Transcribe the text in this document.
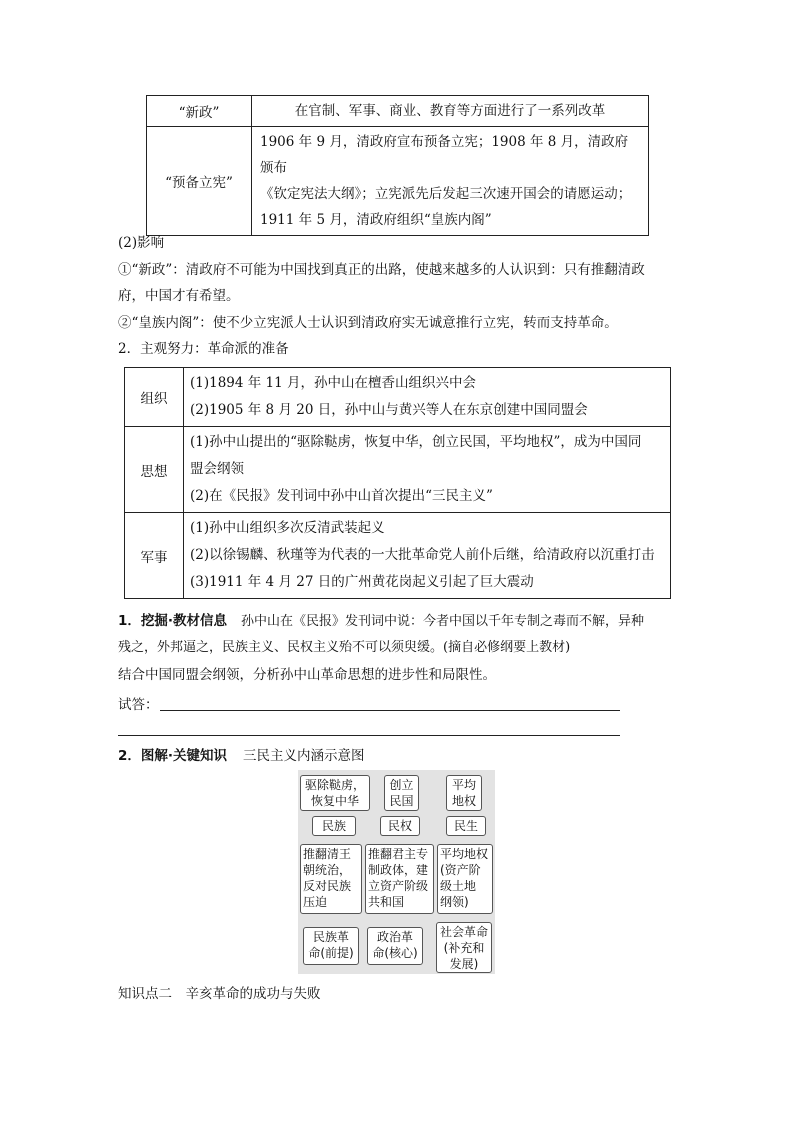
“新政”	在官制、军事、商业、教育等方面进行了一系列改革
“预备立宪”	1906 年 9 月，清政府宣布预备立宪；1908 年 8 月，清政府颁布
《钦定宪法大纲》；立宪派先后发起三次速开国会的请愿运动；
1911 年 5 月，清政府组织“皇族内阁”
(2)影响
①“新政”：清政府不可能为中国找到真正的出路，使越来越多的人认识到：只有推翻清政
府，中国才有希望。
②“皇族内阁”：使不少立宪派人士认识到清政府实无诚意推行立宪，转而支持革命。
2．主观努力：革命派的准备
组织	(1)1894 年 11 月，孙中山在檀香山组织兴中会
(2)1905 年 8 月 20 日，孙中山与黄兴等人在东京创建中国同盟会

思想	(1)孙中山提出的“驱除鞑虏，恢复中华，创立民国，平均地权”，成为中国同
盟会纲领
(2)在《民报》发刊词中孙中山首次提出“三民主义”

军事	(1)孙中山组织多次反清武装起义
(2)以徐锡麟、秋瑾等为代表的一大批革命党人前仆后继，给清政府以沉重打击
(3)1911 年 4 月 27 日的广州黄花岗起义引起了巨大震动
1．挖掘·教材信息 孙中山在《民报》发刊词中说：今者中国以千年专制之毒而不解，异种
残之，外邦逼之，民族主义、民权主义殆不可以须臾缓。(摘自必修纲要上教材)
结合中国同盟会纲领，分析孙中山革命思想的进步性和局限性。
试答：
2．图解·关键知识 三民主义内涵示意图
驱除鞑虏，
恢复中华
创立
民国
平均
地权
民族	民权	民生
推翻清王
朝统治，
反对民族
压迫
推翻君主专
制政体，建
立资产阶级
共和国
平均地权
(资产阶
级土地
纲领)
民族革
命(前提)
政治革
命(核心)
社会革命
(补充和
发展)
知识点二　辛亥革命的成功与失败
